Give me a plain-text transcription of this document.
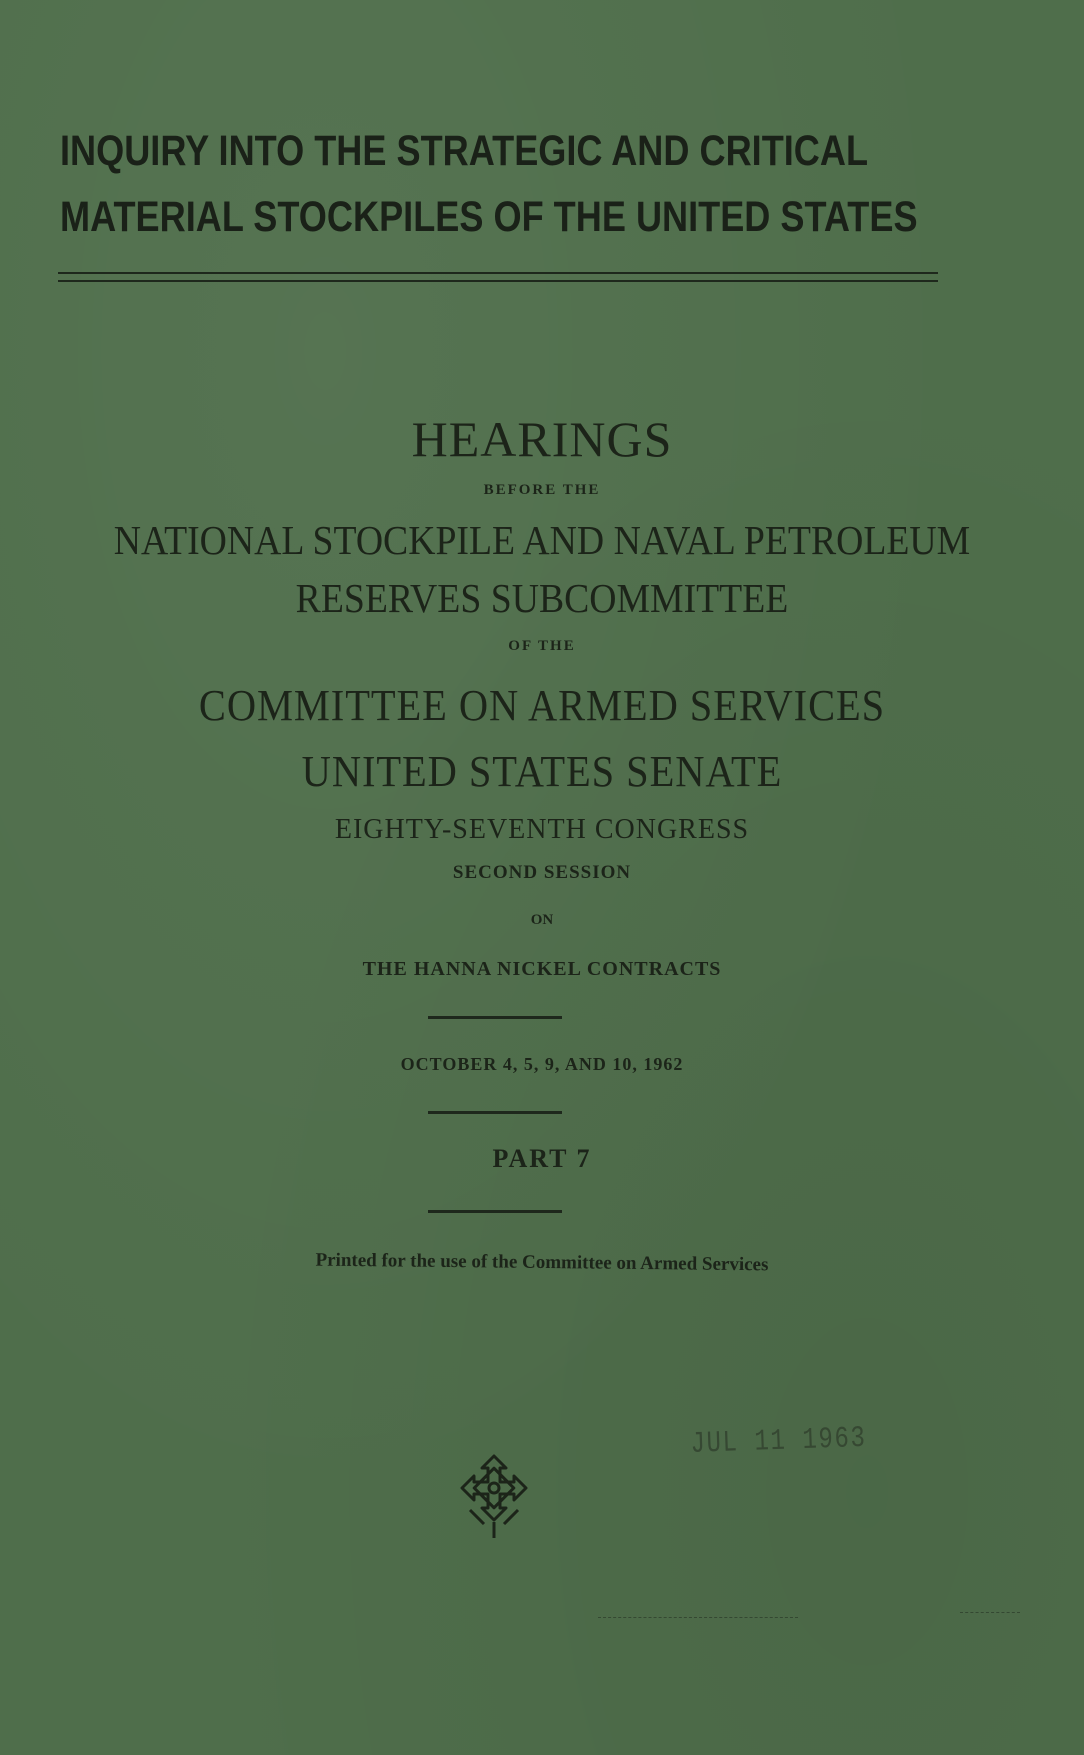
INQUIRY INTO THE STRATEGIC AND CRITICAL
MATERIAL STOCKPILES OF THE UNITED STATES
HEARINGS
BEFORE THE
NATIONAL STOCKPILE AND NAVAL PETROLEUM
RESERVES SUBCOMMITTEE
OF THE
COMMITTEE ON ARMED SERVICES
UNITED STATES SENATE
EIGHTY-SEVENTH CONGRESS
SECOND SESSION
ON
THE HANNA NICKEL CONTRACTS
OCTOBER 4, 5, 9, AND 10, 1962
PART 7
Printed for the use of the Committee on Armed Services
JUL 11 1963
